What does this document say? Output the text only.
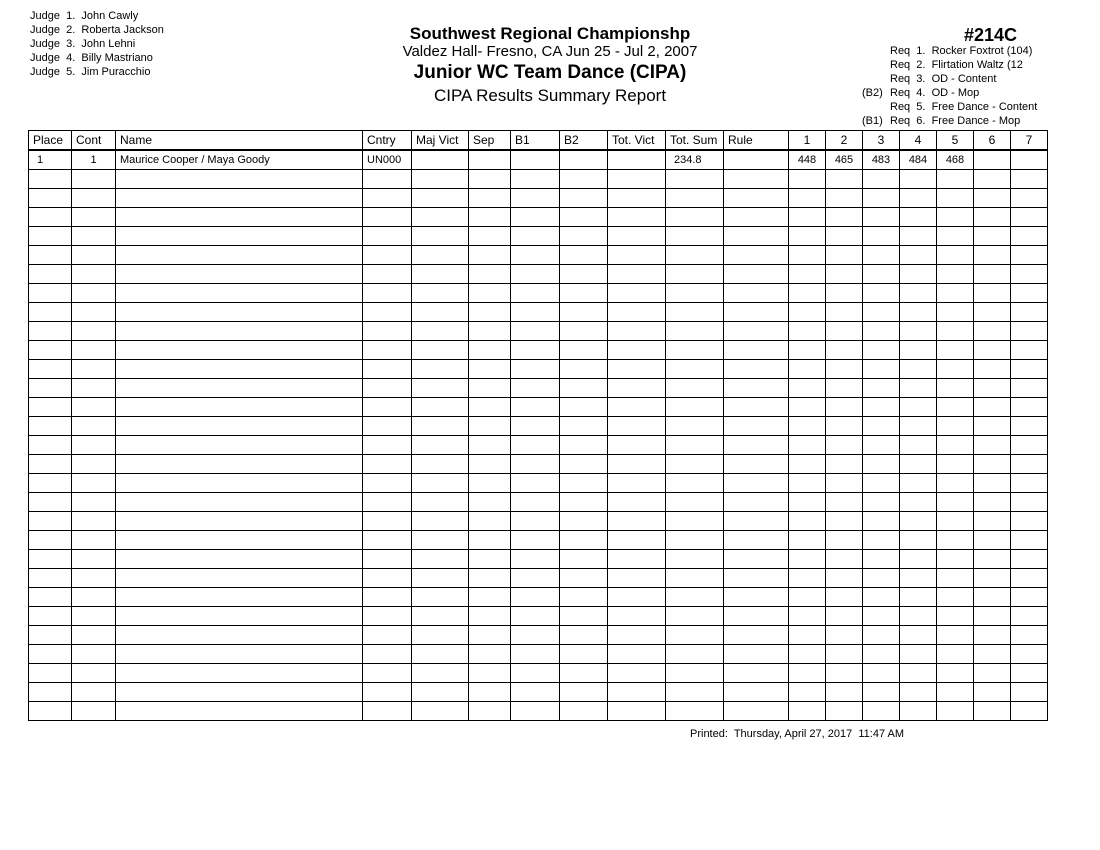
Judge  1.  John Cawly
Judge  2.  Roberta Jackson
Judge  3.  John Lehni
Judge  4.  Billy Mastriano
Judge  5.  Jim Puracchio
Southwest Regional Championshp
Valdez Hall- Fresno, CA Jun 25 - Jul 2, 2007
Junior WC Team Dance (CIPA)
CIPA Results Summary Report
#214C
Req  1.  Rocker Foxtrot (104)
Req  2.  Flirtation Waltz (12
Req  3.  OD - Content
(B2) Req  4.  OD - Mop
Req  5.  Free Dance - Content
(B1) Req  6.  Free Dance - Mop
Place	Cont	Name	Cntry	Maj Vict	Sep	B1	B2	Tot. Vict	Tot. Sum	Rule	1	2	3	4	5	6	7
1	1	Maurice Cooper / Maya Goody	UN000						234.8		448	465	483	484	468		

Printed:  Thursday, April 27, 2017  11:47 AM
